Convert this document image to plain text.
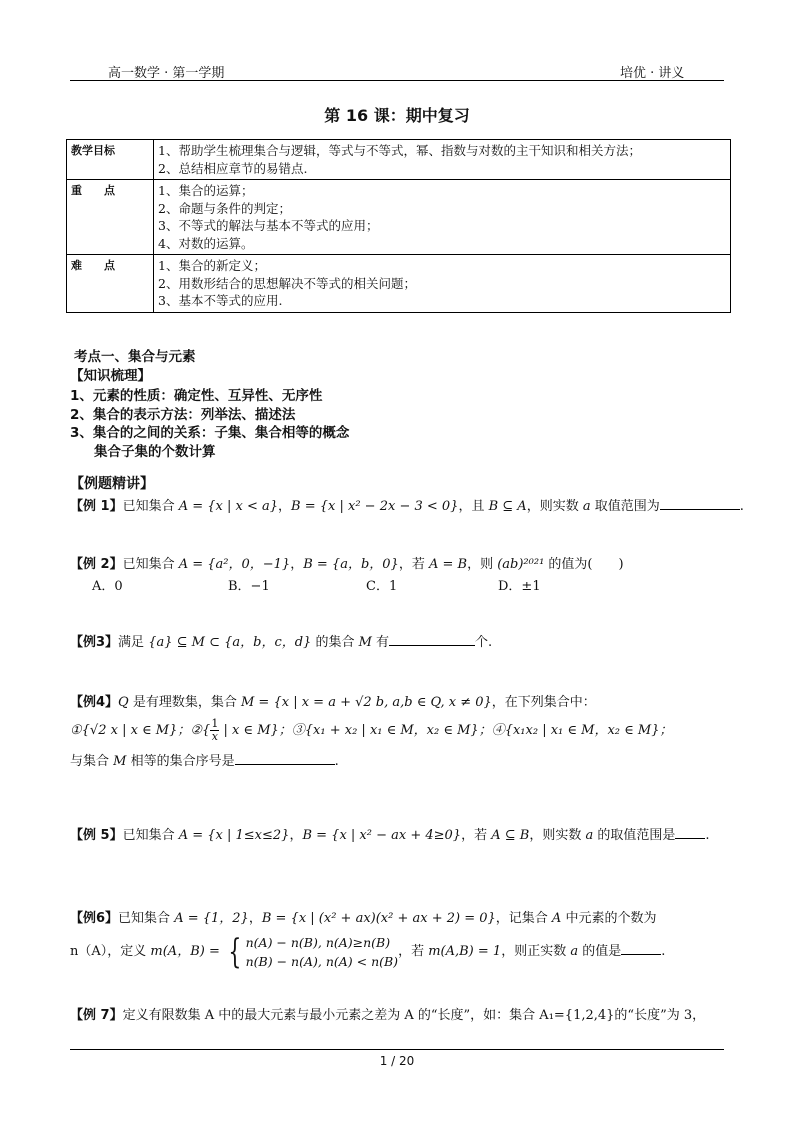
高一数学 · 第一学期	培优 · 讲义
第 16 课：期中复习
教学目标	1、帮助学生梳理集合与逻辑，等式与不等式，幂、指数与对数的主干知识和相关方法；
2、总结相应章节的易错点.

重　　点	1、集合的运算；
2、命题与条件的判定；
3、不等式的解法与基本不等式的应用；
4、对数的运算。

难　　点	1、集合的新定义；
2、用数形结合的思想解决不等式的相关问题；
3、基本不等式的应用.
考点一、集合与元素
【知识梳理】
1、元素的性质：确定性、互异性、无序性
2、集合的表示方法：列举法、描述法
3、集合的之间的关系：子集、集合相等的概念
集合子集的个数计算
【例题精讲】
【例 1】已知集合 A = {x | x < a}，B = {x | x² − 2x − 3 < 0}，且 B ⊆ A，则实数 a 取值范围为	.
【例 2】已知集合 A = {a²，0，−1}，B = {a，b，0}，若 A = B，则 (ab)²⁰²¹ 的值为(　　)
A．0	B．−1	C．1	D．±1
【例3】满足 {a} ⊆ M ⊂ {a，b，c，d} 的集合 M 有	个.
【例4】Q 是有理数集，集合 M = {x | x = a + √2 b, a,b ∈ Q, x ≠ 0}，在下列集合中：
①{√2 x | x ∈ M}；②{ $\frac{1}{x}$ | x ∈ M}；③{x₁ + x₂ | x₁ ∈ M，x₂ ∈ M}；④{x₁x₂ | x₁ ∈ M，x₂ ∈ M}；
与集合 M 相等的集合序号是	.
【例 5】已知集合 A = {x | 1≤x≤2}，B = {x | x² − ax + 4≥0}，若 A ⊆ B，则实数 a 的取值范围是 .
【例6】已知集合 A = {1，2}，B = {x | (x² + ax)(x² + ax + 2) = 0}，记集合 A 中元素的个数为
n（A），定义 m(A，B) = { n(A) − n(B), n(A)≥n(B)
n(B) − n(A), n(A) < n(B)
，若 m(A,B) = 1，则正实数 a 的值是	.
【例 7】定义有限数集 A 中的最大元素与最小元素之差为 A 的“长度”，如：集合 A₁={1,2,4}的“长度”为 3，
1 / 20
